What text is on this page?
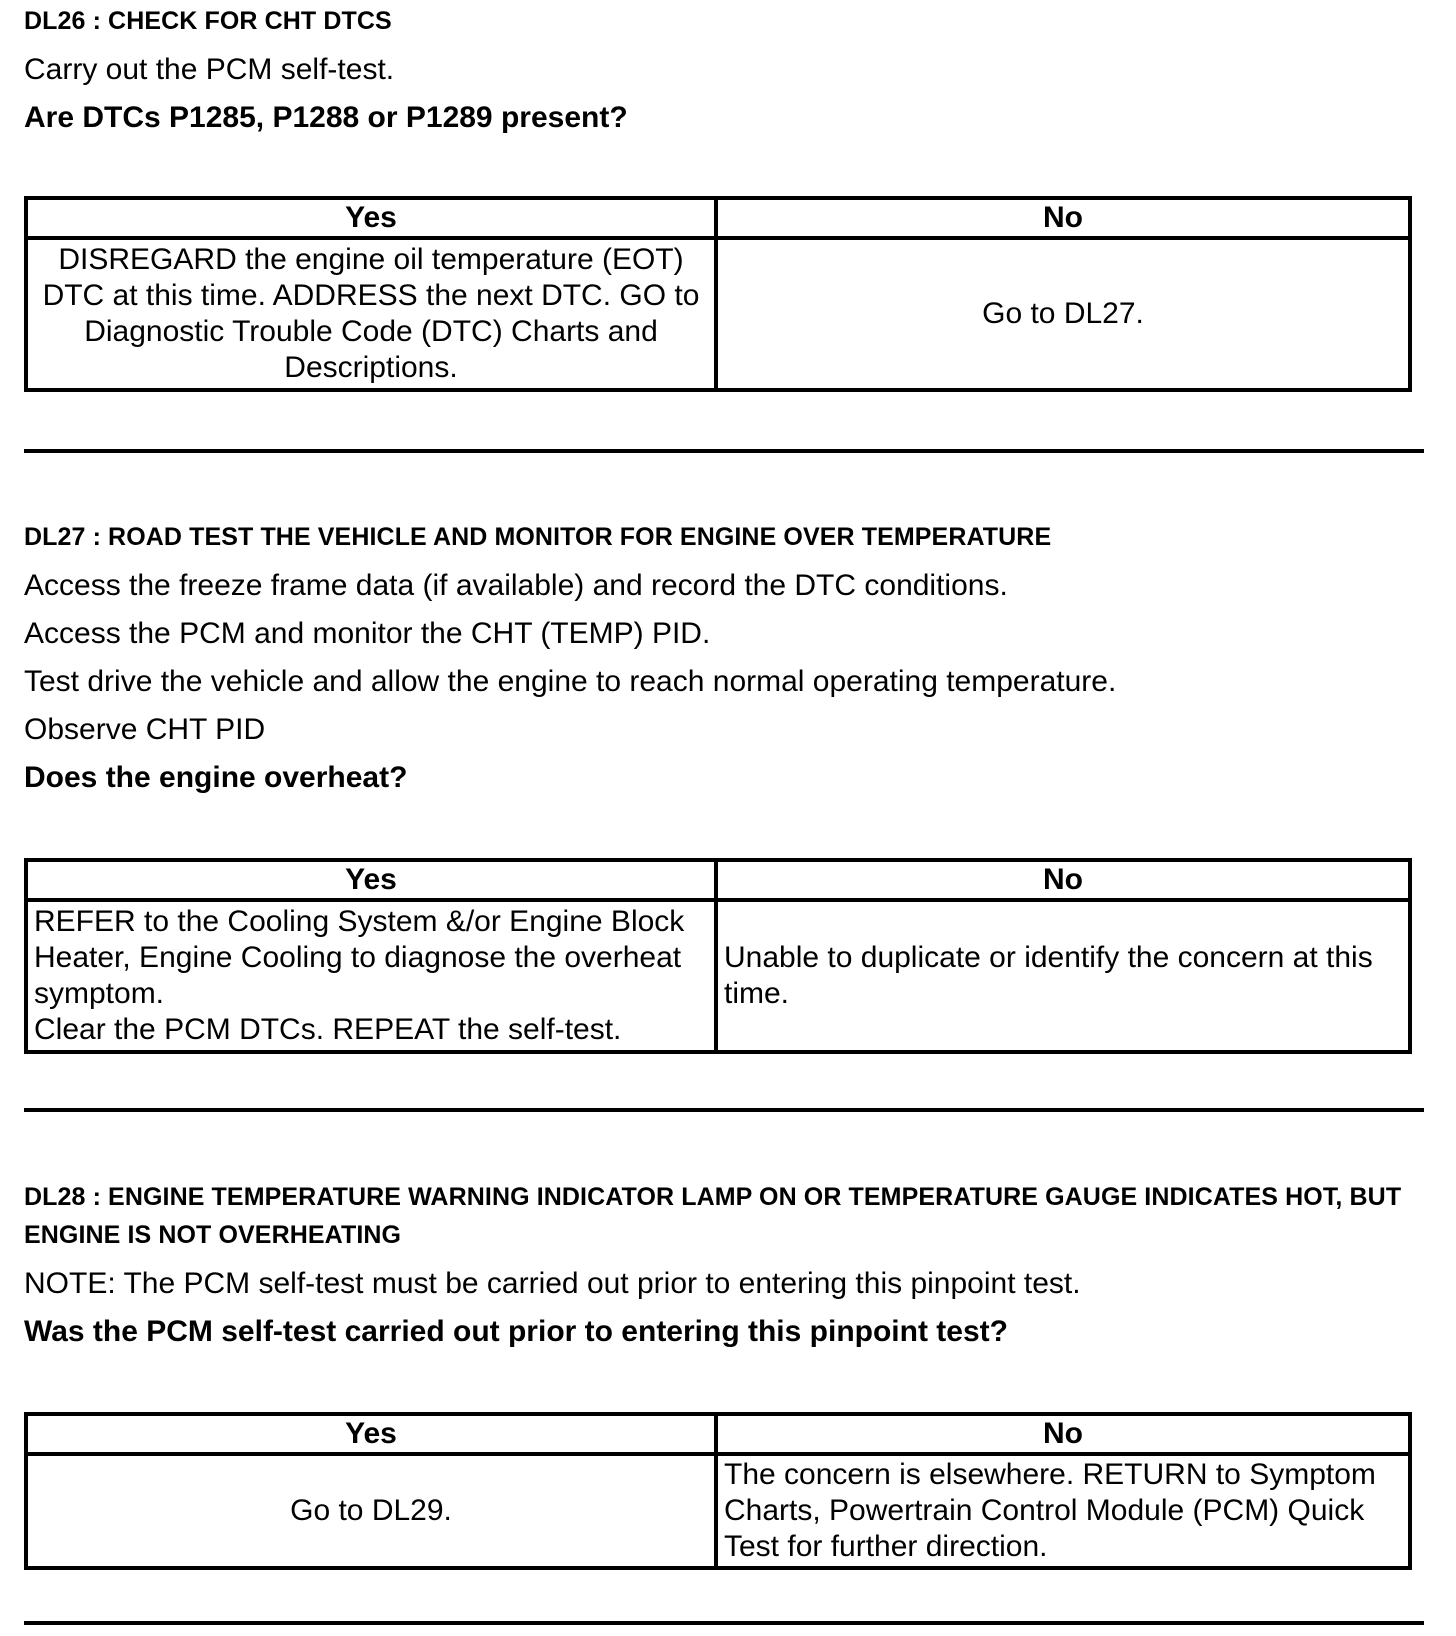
DL26 : CHECK FOR CHT DTCS

Carry out the PCM self-test.

Are DTCs P1285, P1288 or P1289 present?

Yes	No
DISREGARD the engine oil temperature (EOT) DTC at this time. ADDRESS the next DTC. GO to Diagnostic Trouble Code (DTC) Charts and Descriptions.	Go to DL27.

DL27 : ROAD TEST THE VEHICLE AND MONITOR FOR ENGINE OVER TEMPERATURE

Access the freeze frame data (if available) and record the DTC conditions.

Access the PCM and monitor the CHT (TEMP) PID.

Test drive the vehicle and allow the engine to reach normal operating temperature.

Observe CHT PID

Does the engine overheat?

Yes	No

REFER to the Cooling System &/or Engine Block Heater, Engine Cooling to diagnose the overheat symptom.
Clear the PCM DTCs. REPEAT the self-test.	Unable to duplicate or identify the concern at this time.

DL28 : ENGINE TEMPERATURE WARNING INDICATOR LAMP ON OR TEMPERATURE GAUGE INDICATES HOT, BUT ENGINE IS NOT OVERHEATING

NOTE: The PCM self-test must be carried out prior to entering this pinpoint test.

Was the PCM self-test carried out prior to entering this pinpoint test?

Yes	No
Go to DL29.	The concern is elsewhere. RETURN to Symptom Charts, Powertrain Control Module (PCM) Quick Test for further direction.
